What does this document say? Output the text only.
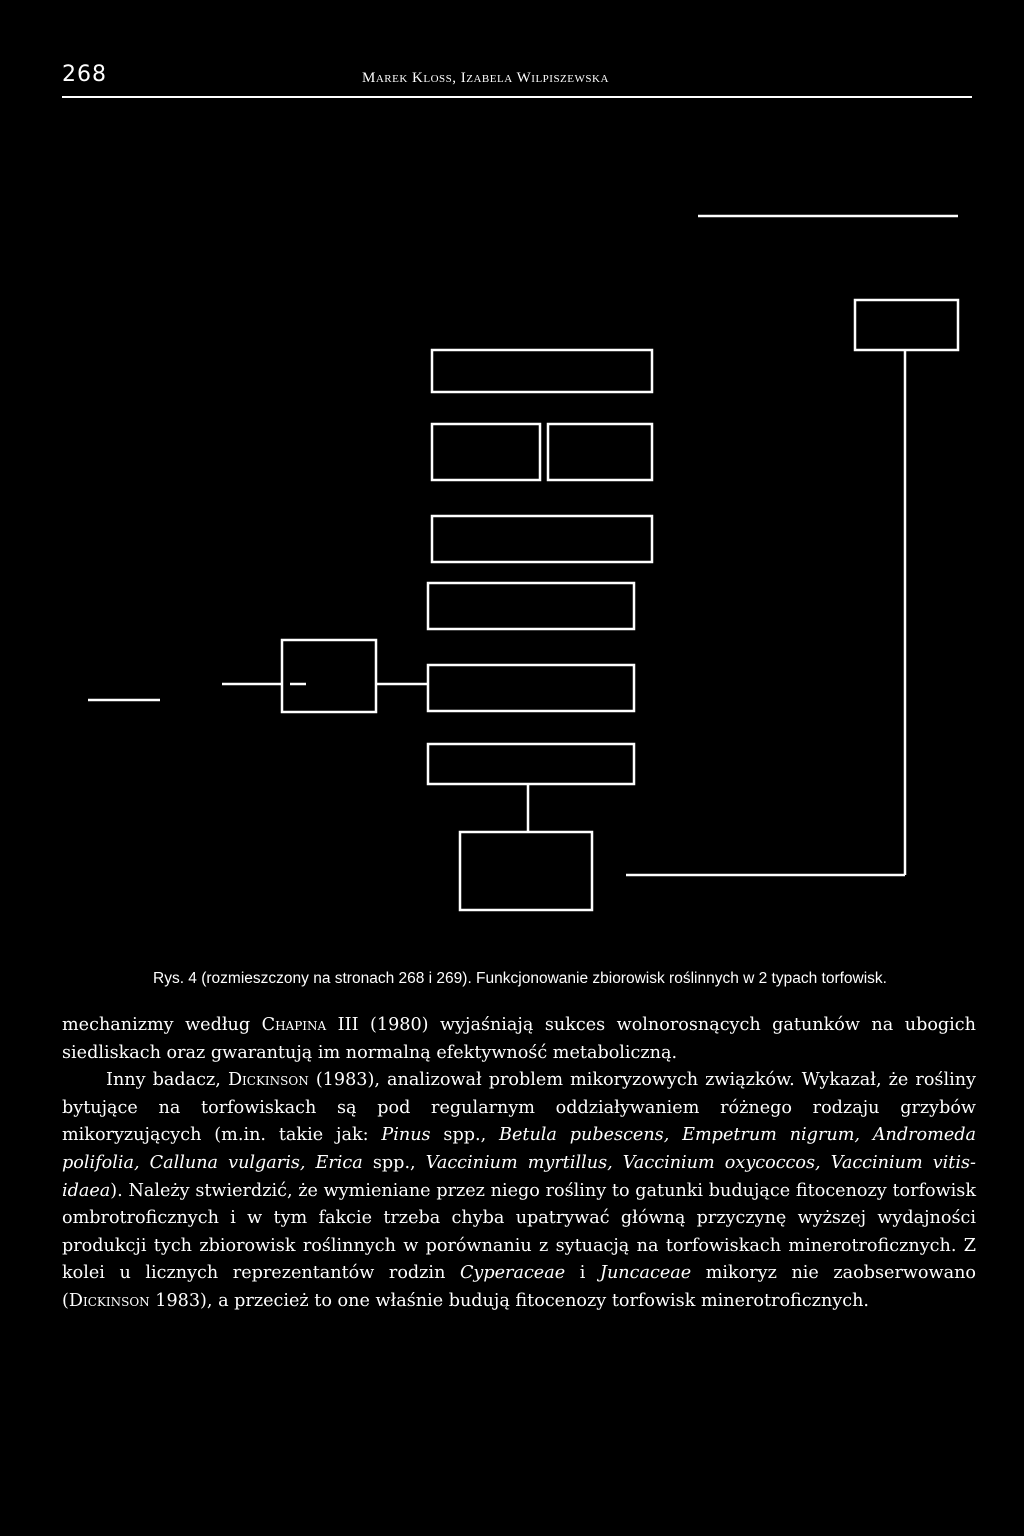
268	Marek Kloss, Izabela Wilpiszewska
Rys. 4 (rozmieszczony na stronach 268 i 269). Funkcjonowanie zbiorowisk roślinnych w 2 typach torfowisk.

mechanizmy według Chapina III (1980) wyjaśniają sukces wolnorosnących gatunków na ubogich siedliskach oraz gwarantują im normalną efektywność metaboliczną.

Inny badacz, Dickinson (1983), analizował problem mikoryzowych związków. Wykazał, że rośliny bytujące na torfowiskach są pod regularnym oddziaływaniem różnego rodzaju grzybów mikoryzujących (m.in. takie jak: Pinus spp., Betula pubescens, Empetrum nigrum, Andromeda polifolia, Calluna vulgaris, Erica spp., Vaccinium myrtillus, Vaccinium oxycoccos, Vaccinium vitis-idaea). Należy stwierdzić, że wymieniane przez niego rośliny to gatunki budujące fitocenozy torfowisk ombrotroficznych i w tym fakcie trzeba chyba upatrywać główną przyczynę wyższej wydajności produkcji tych zbiorowisk roślinnych w porównaniu z sytuacją na torfowiskach minerotroficznych. Z kolei u licznych reprezentantów rodzin Cyperaceae i Juncaceae mikoryz nie zaobserwowano (Dickinson 1983), a przecież to one właśnie budują fitocenozy torfowisk minerotroficznych.
